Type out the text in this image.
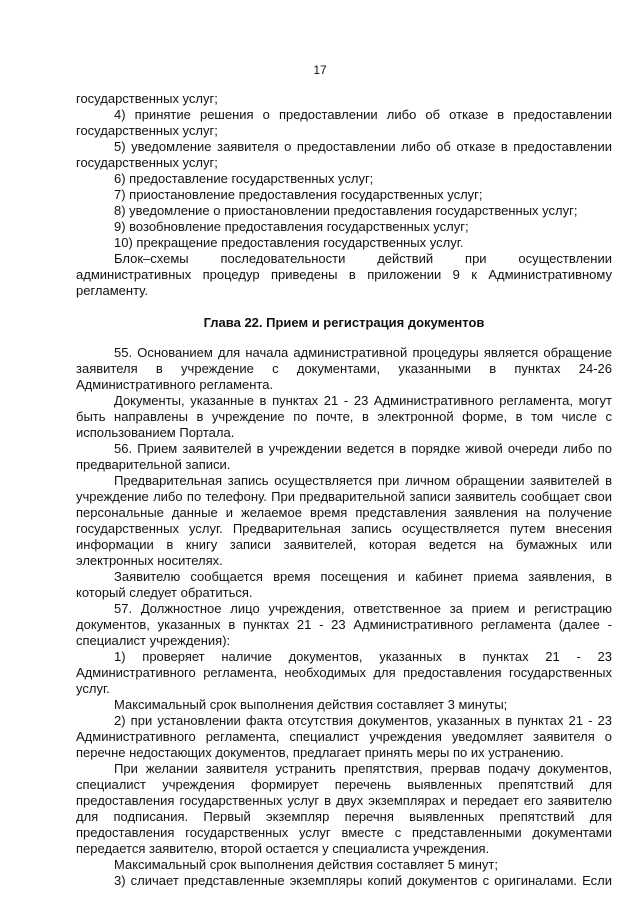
17

государственных услуг;

4) принятие решения о предоставлении либо об отказе в предоставлении государственных услуг;

5) уведомление заявителя о предоставлении либо об отказе в предоставлении государственных услуг;

6) предоставление государственных услуг;

7) приостановление предоставления государственных услуг;

8) уведомление о приостановлении предоставления государственных услуг;

9) возобновление предоставления государственных услуг;

10) прекращение предоставления государственных услуг.

Блок–схемы последовательности действий при осуществлении административных процедур приведены в приложении 9 к Административному регламенту.

Глава 22. Прием и регистрация документов

55. Основанием для начала административной процедуры является обращение заявителя в учреждение с документами, указанными в пунктах 24-26 Административного регламента.

Документы, указанные в пунктах 21 - 23 Административного регламента, могут быть направлены в учреждение по почте, в электронной форме, в том числе с использованием Портала.

56. Прием заявителей в учреждении ведется в порядке живой очереди либо по предварительной записи.

Предварительная запись осуществляется при личном обращении заявителей в учреждение либо по телефону. При предварительной записи заявитель сообщает свои персональные данные и желаемое время представления заявления на получение государственных услуг. Предварительная запись осуществляется путем внесения информации в книгу записи заявителей, которая ведется на бумажных или электронных носителях.

Заявителю сообщается время посещения и кабинет приема заявления, в который следует обратиться.

57. Должностное лицо учреждения, ответственное за прием и регистрацию документов, указанных в пунктах 21 - 23 Административного регламента (далее - специалист учреждения):

1) проверяет наличие документов, указанных в пунктах 21 - 23 Административного регламента, необходимых для предоставления государственных услуг.

Максимальный срок выполнения действия составляет 3 минуты;

2) при установлении факта отсутствия документов, указанных в пунктах 21 - 23 Административного регламента, специалист учреждения уведомляет заявителя о перечне недостающих документов, предлагает принять меры по их устранению.

При желании заявителя устранить препятствия, прервав подачу документов, специалист учреждения формирует перечень выявленных препятствий для предоставления государственных услуг в двух экземплярах и передает его заявителю для подписания. Первый экземпляр перечня выявленных препятствий для предоставления государственных услуг вместе с представленными документами передается заявителю, второй остается у специалиста учреждения.

Максимальный срок выполнения действия составляет 5 минут;

3) сличает представленные экземпляры копий документов с оригиналами. Если
